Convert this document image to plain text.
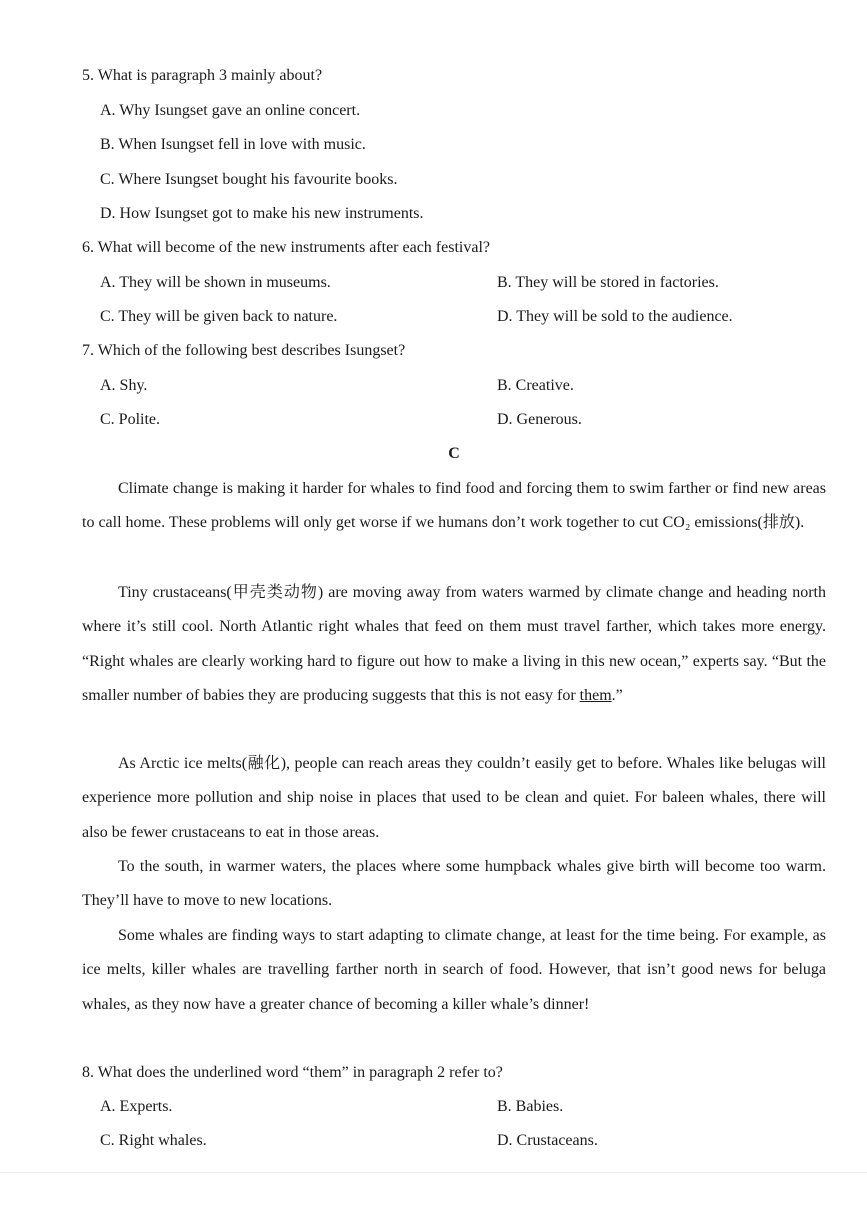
5. What is paragraph 3 mainly about?
A. Why Isungset gave an online concert.
B. When Isungset fell in love with music.
C. Where Isungset bought his favourite books.
D. How Isungset got to make his new instruments.
6. What will become of the new instruments after each festival?
A. They will be shown in museums.	B. They will be stored in factories.
C. They will be given back to nature.	D. They will be sold to the audience.
7. Which of the following best describes Isungset?
A. Shy.	B. Creative.
C. Polite.	D. Generous.
C
Climate change is making it harder for whales to find food and forcing them to swim farther or find new areas to call home. These problems will only get worse if we humans don’t work together to cut CO₂ emissions(排放).
Tiny crustaceans(甲壳类动物) are moving away from waters warmed by climate change and heading north where it’s still cool. North Atlantic right whales that feed on them must travel farther, which takes more energy. “Right whales are clearly working hard to figure out how to make a living in this new ocean,” experts say. “But the smaller number of babies they are producing suggests that this is not easy for them.”
As Arctic ice melts(融化), people can reach areas they couldn’t easily get to before. Whales like belugas will experience more pollution and ship noise in places that used to be clean and quiet. For baleen whales, there will also be fewer crustaceans to eat in those areas.
To the south, in warmer waters, the places where some humpback whales give birth will become too warm. They’ll have to move to new locations.
Some whales are finding ways to start adapting to climate change, at least for the time being. For example, as ice melts, killer whales are travelling farther north in search of food. However, that isn’t good news for beluga whales, as they now have a greater chance of becoming a killer whale’s dinner!
8. What does the underlined word “them” in paragraph 2 refer to?
A. Experts.	B. Babies.
C. Right whales.	D. Crustaceans.
